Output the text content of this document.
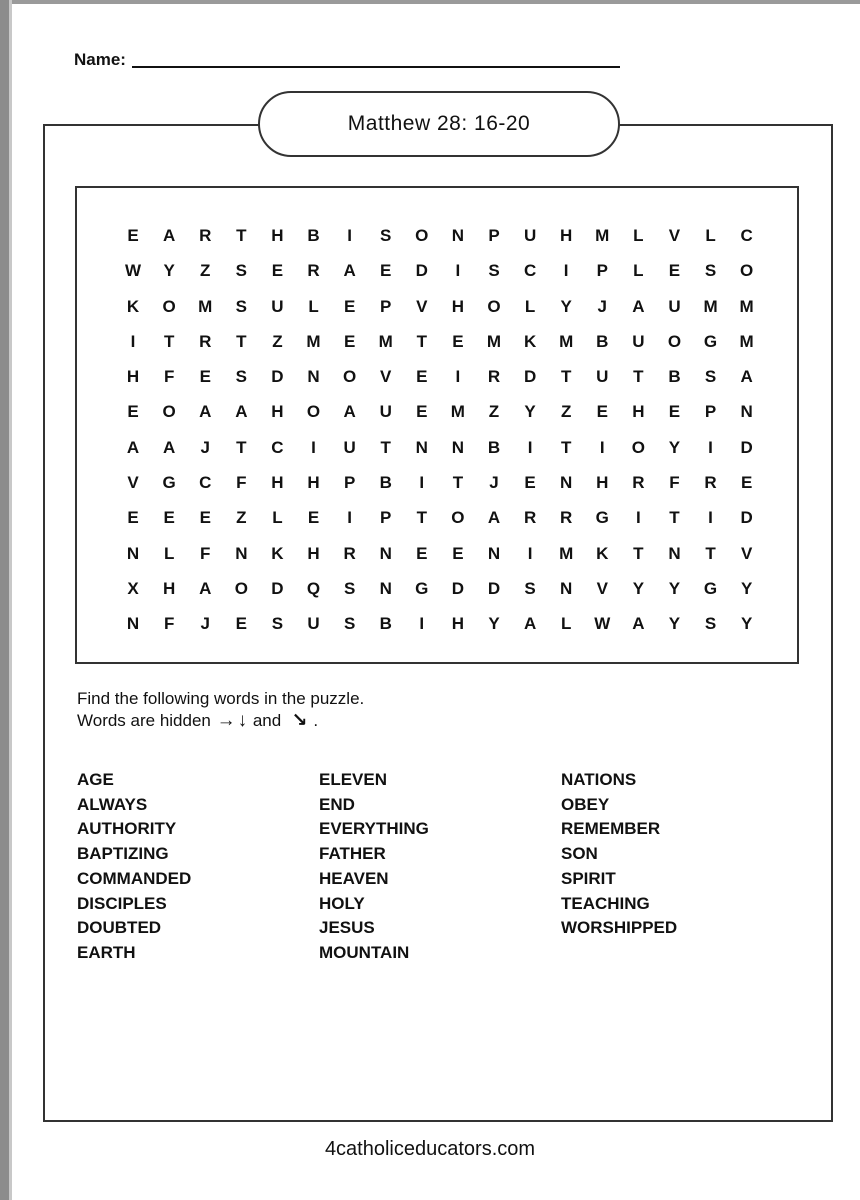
Name:
Matthew 28: 16-20
E	A	R	T	H	B	I	S	O	N	P	U	H	M	L	V	L	C
W	Y	Z	S	E	R	A	E	D	I	S	C	I	P	L	E	S	O
K	O	M	S	U	L	E	P	V	H	O	L	Y	J	A	U	M	M
I	T	R	T	Z	M	E	M	T	E	M	K	M	B	U	O	G	M
H	F	E	S	D	N	O	V	E	I	R	D	T	U	T	B	S	A
E	O	A	A	H	O	A	U	E	M	Z	Y	Z	E	H	E	P	N
A	A	J	T	C	I	U	T	N	N	B	I	T	I	O	Y	I	D
V	G	C	F	H	H	P	B	I	T	J	E	N	H	R	F	R	E
E	E	E	Z	L	E	I	P	T	O	A	R	R	G	I	T	I	D
N	L	F	N	K	H	R	N	E	E	N	I	M	K	T	N	T	V
X	H	A	O	D	Q	S	N	G	D	D	S	N	V	Y	Y	G	Y
N	F	J	E	S	U	S	B	I	H	Y	A	L	W	A	Y	S	Y
Find the following words in the puzzle.
Words are hidden → ↓ and ↘ .
AGE
ALWAYS
AUTHORITY
BAPTIZING
COMMANDED
DISCIPLES
DOUBTED
EARTH
ELEVEN
END
EVERYTHING
FATHER
HEAVEN
HOLY
JESUS
MOUNTAIN
NATIONS
OBEY
REMEMBER
SON
SPIRIT
TEACHING
WORSHIPPED
4catholiceducators.com
